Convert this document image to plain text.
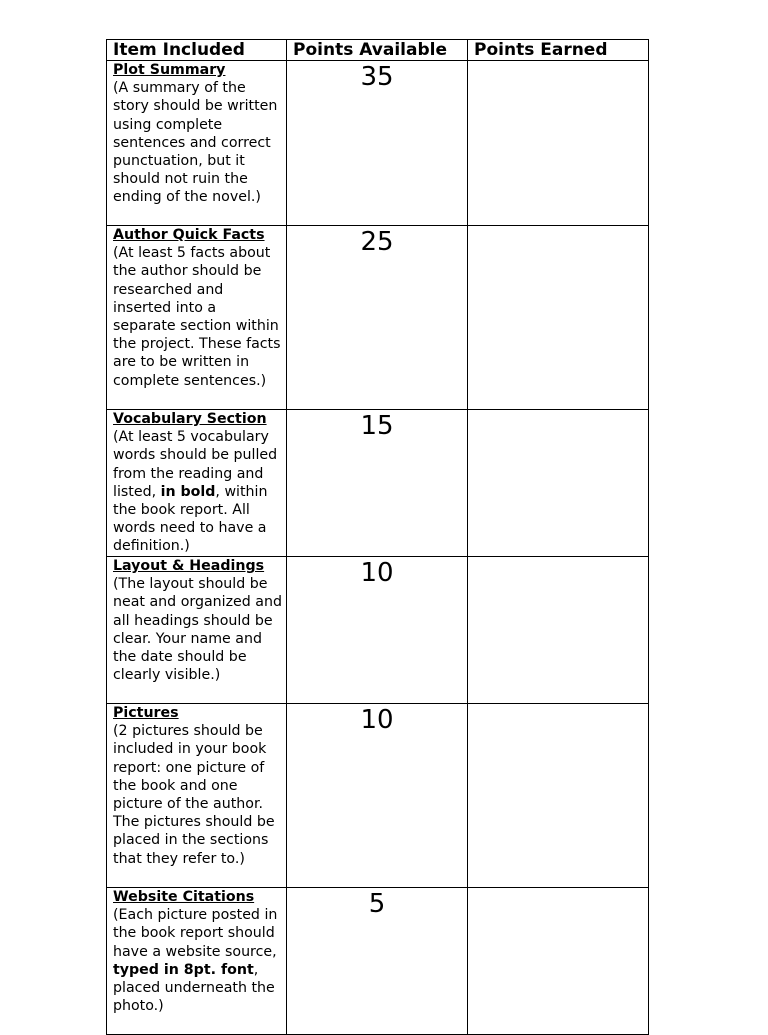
Item Included	Points Available	Points Earned

Plot Summary
(A summary of the story should be written using complete sentences and correct punctuation, but it should not ruin the ending of the novel.)	35	

Author Quick Facts
(At least 5 facts about the author should be researched and inserted into a separate section within the project. These facts are to be written in complete sentences.)	25	

Vocabulary Section
(At least 5 vocabulary words should be pulled from the reading and listed, in bold, within the book report. All words need to have a definition.)	15	

Layout & Headings
(The layout should be neat and organized and all headings should be clear. Your name and the date should be clearly visible.)	10	

Pictures
(2 pictures should be included in your book report: one picture of the book and one picture of the author. The pictures should be placed in the sections that they refer to.)	10	

Website Citations
(Each picture posted in the book report should have a website source, typed in 8pt. font, placed underneath the photo.)	5	
